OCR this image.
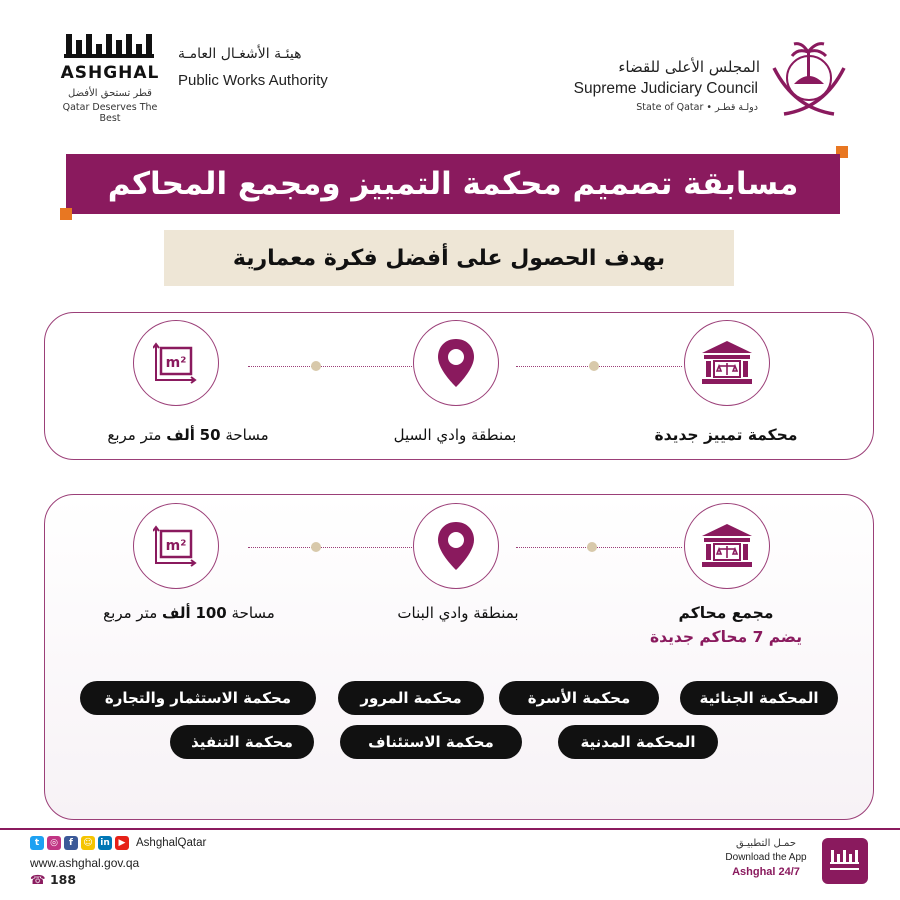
ASHGHAL
قطر تستحق الأفضل
Qatar Deserves The Best
هيئـة الأشغـال العامـة
Public Works Authority
المجلس الأعلى للقضاء
Supreme Judiciary Council
State of Qatar • دولـة قطـر
مسابقة تصميم محكمة التمييز ومجمع المحاكم
بهدف الحصول على أفضل فكرة معمارية
m²
محكمة تمييز جديدة
بمنطقة وادي السيل
مساحة 50 ألف متر مربع
m²
مجمع محاكم
يضم 7 محاكم جديدة
بمنطقة وادي البنات
مساحة 100 ألف متر مربع
المحكمة الجنائية
محكمة الأسرة
محكمة المرور
محكمة الاستثمار والتجارة
المحكمة المدنية
محكمة الاستئناف
محكمة التنفيذ
t	◎	f	☺ in ▶ AshghalQatar
www.ashghal.gov.qa
☎ 188
حمـل التطبيـق
Download the App
Ashghal 24/7
